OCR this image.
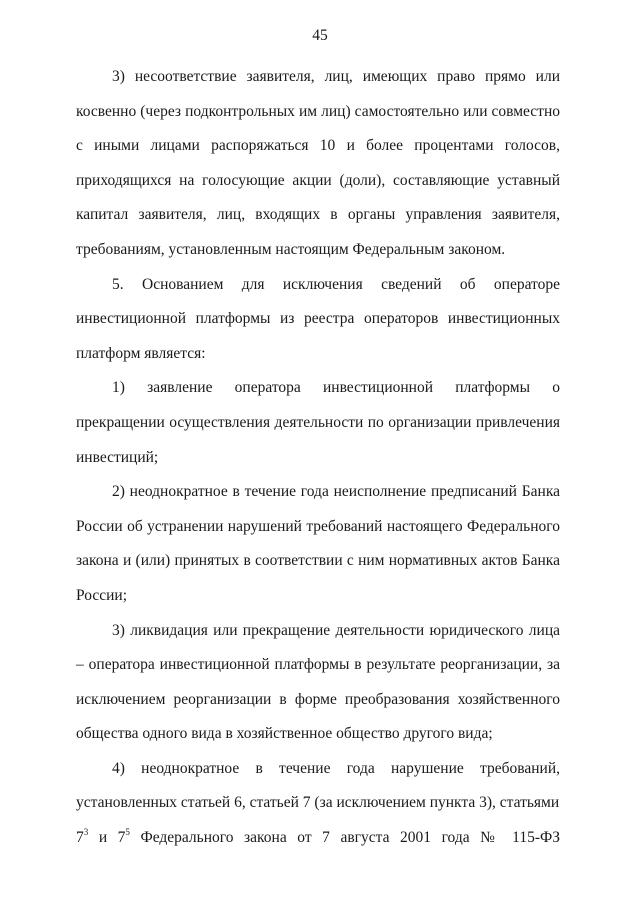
45

3) несоответствие заявителя, лиц, имеющих право прямо или косвенно (через подконтрольных им лиц) самостоятельно или совместно с иными лицами распоряжаться 10 и более процентами голосов, приходящихся на голосующие акции (доли), составляющие уставный капитал заявителя, лиц, входящих в органы управления заявителя, требованиям, установленным настоящим Федеральным законом.

5. Основанием для исключения сведений об операторе инвестиционной платформы из реестра операторов инвестиционных платформ является:

1) заявление оператора инвестиционной платформы о прекращении осуществления деятельности по организации привлечения инвестиций;

2) неоднократное в течение года неисполнение предписаний Банка России об устранении нарушений требований настоящего Федерального закона и (или) принятых в соответствии с ним нормативных актов Банка России;

3) ликвидация или прекращение деятельности юридического лица – оператора инвестиционной платформы в результате реорганизации, за исключением реорганизации в форме преобразования хозяйственного общества одного вида в хозяйственное общество другого вида;

4) неоднократное в течение года нарушение требований, установленных статьей 6, статьей 7 (за исключением пункта 3), статьями

$7^3$ и $7^5$ Федерального закона от 7 августа 2001 года № 115-ФЗ
